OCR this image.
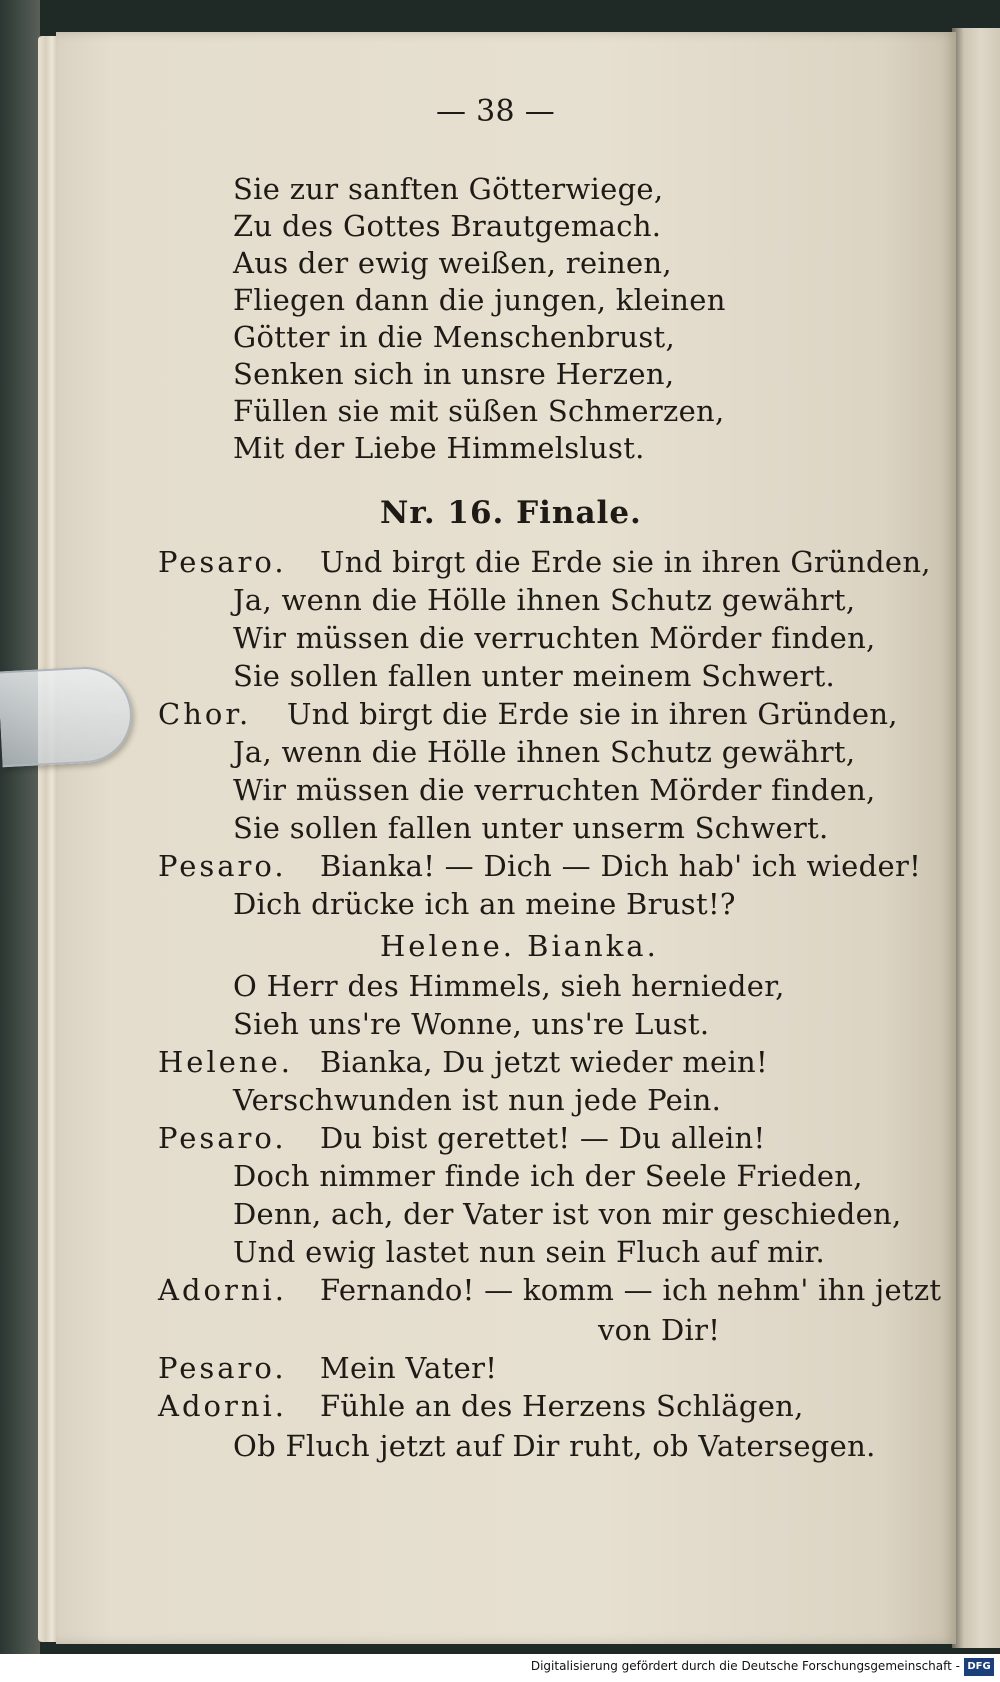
— 38 —
Sie zur sanften Götterwiege,
Zu des Gottes Brautgemach.
Aus der ewig weißen, reinen,
Fliegen dann die jungen, kleinen
Götter in die Menschenbrust,
Senken sich in unsre Herzen,
Füllen sie mit süßen Schmerzen,
Mit der Liebe Himmelslust.
Nr. 16. Finale.
Pesaro. Und birgt die Erde sie in ihren Gründen,
Ja, wenn die Hölle ihnen Schutz gewährt,
Wir müssen die verruchten Mörder finden,
Sie sollen fallen unter meinem Schwert.
Chor. Und birgt die Erde sie in ihren Gründen,
Ja, wenn die Hölle ihnen Schutz gewährt,
Wir müssen die verruchten Mörder finden,
Sie sollen fallen unter unserm Schwert.
Pesaro. Bianka! — Dich — Dich hab' ich wieder!
Dich drücke ich an meine Brust!?
Helene. Bianka.
O Herr des Himmels, sieh hernieder,
Sieh uns're Wonne, uns're Lust.
Helene. Bianka, Du jetzt wieder mein!
Verschwunden ist nun jede Pein.
Pesaro. Du bist gerettet! — Du allein!
Doch nimmer finde ich der Seele Frieden,
Denn, ach, der Vater ist von mir geschieden,
Und ewig lastet nun sein Fluch auf mir.
Adorni. Fernando! — komm — ich nehm' ihn jetzt
von Dir!
Pesaro. Mein Vater!
Adorni. Fühle an des Herzens Schlägen,
Ob Fluch jetzt auf Dir ruht, ob Vatersegen.
Digitalisierung gefördert durch die Deutsche Forschungsgemeinschaft - DFG
